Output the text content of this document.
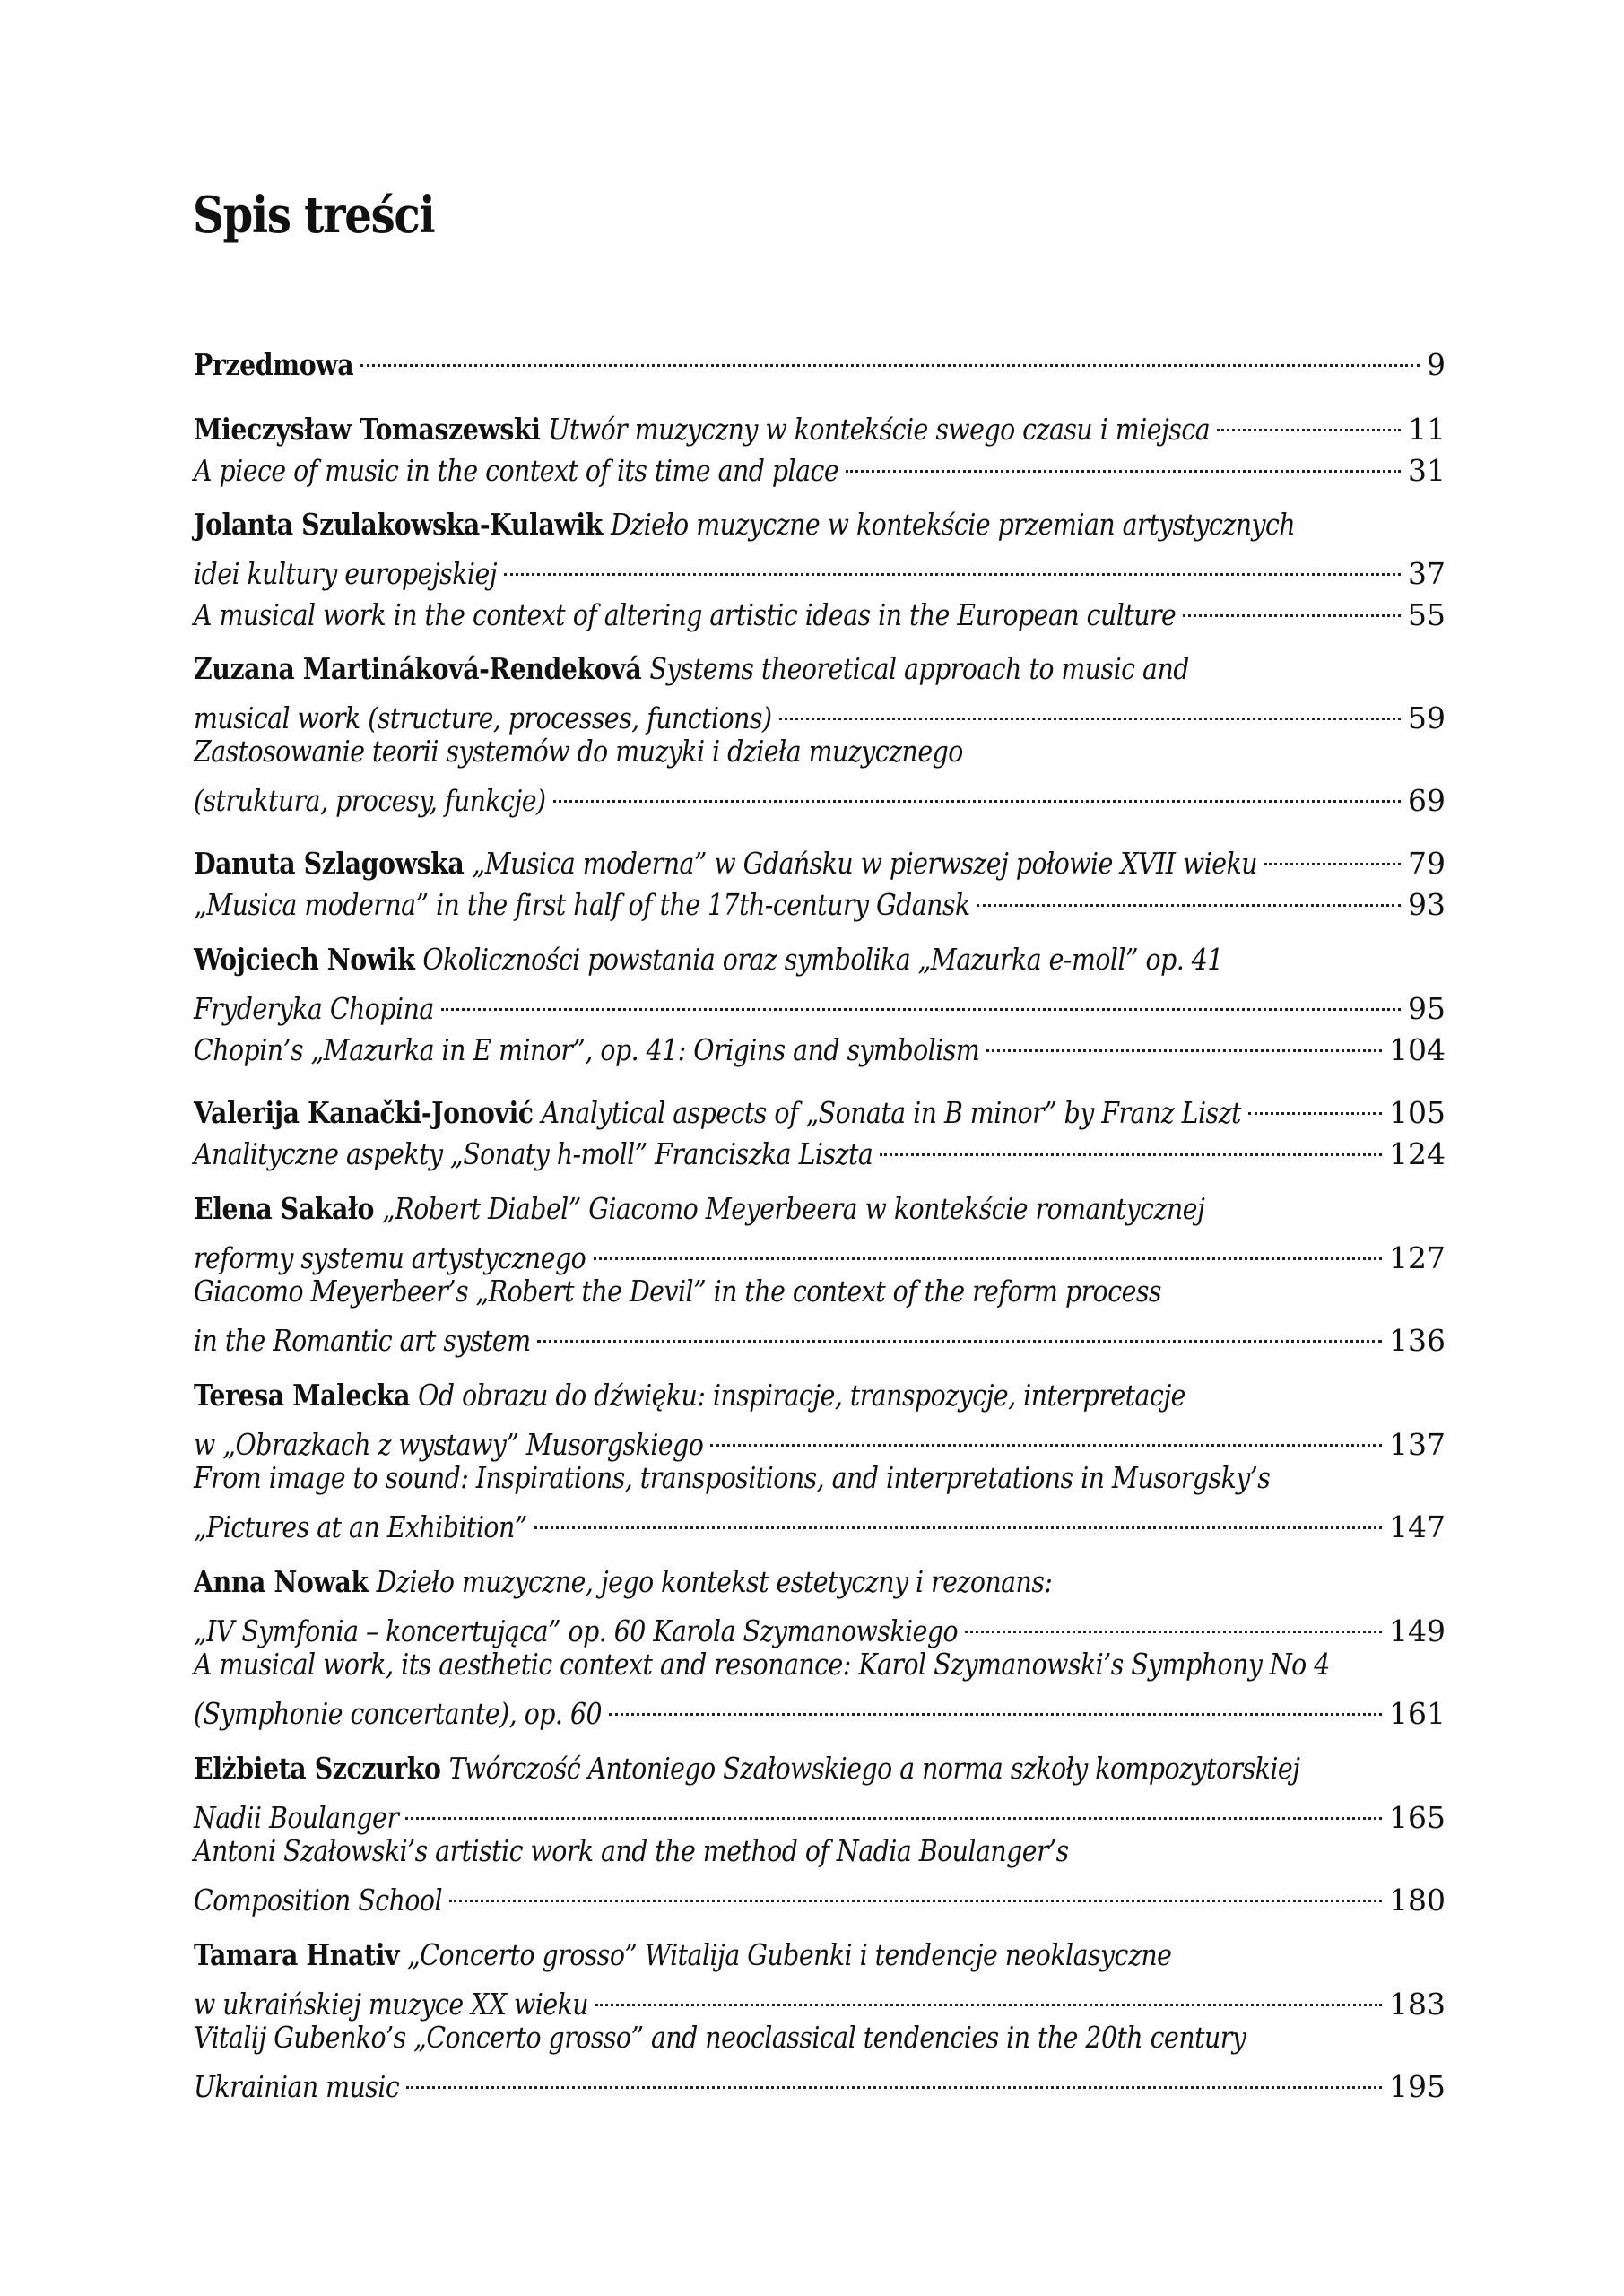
Spis treści
Przedmowa	9
Mieczysław Tomaszewski Utwór muzyczny w kontekście swego czasu i miejsca	11
A piece of music in the context of its time and place	31
Jolanta Szulakowska-Kulawik Dzieło muzyczne w kontekście przemian artystycznych
idei kultury europejskiej	37
A musical work in the context of altering artistic ideas in the European culture	55
Zuzana Martináková-Rendeková Systems theoretical approach to music and
musical work (structure, processes, functions)	59
Zastosowanie teorii systemów do muzyki i dzieła muzycznego
(struktura, procesy, funkcje)	69
Danuta Szlagowska „Musica moderna” w Gdańsku w pierwszej połowie XVII wieku	79
„Musica moderna” in the first half of the 17th-century Gdansk	93
Wojciech Nowik Okoliczności powstania oraz symbolika „Mazurka e-moll” op. 41
Fryderyka Chopina	95
Chopin’s „Mazurka in E minor”, op. 41: Origins and symbolism	104
Valerija Kanački-Jonović Analytical aspects of „Sonata in B minor” by Franz Liszt	105
Analityczne aspekty „Sonaty h-moll” Franciszka Liszta	124
Elena Sakało „Robert Diabel” Giacomo Meyerbeera w kontekście romantycznej
reformy systemu artystycznego	127
Giacomo Meyerbeer’s „Robert the Devil” in the context of the reform process
in the Romantic art system	136
Teresa Malecka Od obrazu do dźwięku: inspiracje, transpozycje, interpretacje
w „Obrazkach z wystawy” Musorgskiego	137
From image to sound: Inspirations, transpositions, and interpretations in Musorgsky’s
„Pictures at an Exhibition”	147
Anna Nowak Dzieło muzyczne, jego kontekst estetyczny i rezonans:
„IV Symfonia – koncertująca” op. 60 Karola Szymanowskiego	149
A musical work, its aesthetic context and resonance: Karol Szymanowski’s Symphony No 4
(Symphonie concertante), op. 60	161
Elżbieta Szczurko Twórczość Antoniego Szałowskiego a norma szkoły kompozytorskiej
Nadii Boulanger	165
Antoni Szałowski’s artistic work and the method of Nadia Boulanger’s
Composition School	180
Tamara Hnativ „Concerto grosso” Witalija Gubenki i tendencje neoklasyczne
w ukraińskiej muzyce XX wieku	183
Vitalij Gubenko’s „Concerto grosso” and neoclassical tendencies in the 20th century
Ukrainian music	195
